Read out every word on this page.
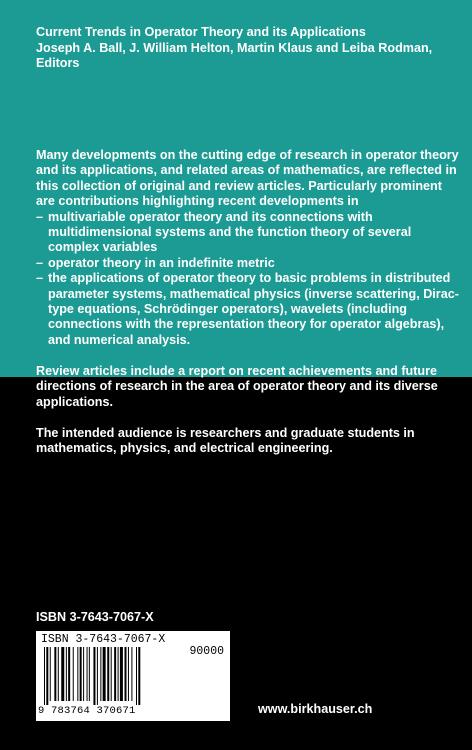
Current Trends in Operator Theory and its Applications
Joseph A. Ball, J. William Helton, Martin Klaus and Leiba Rodman,
Editors

Many developments on the cutting edge of research in operator theory and its applications, and related areas of mathematics, are reflected in this collection of original and review articles. Particularly prominent are contributions highlighting recent developments in

– multivariable operator theory and its connections with multidimensional systems and the function theory of several complex variables
– operator theory in an indefinite metric
– the applications of operator theory to basic problems in distributed parameter systems, mathematical physics (inverse scattering, Dirac-type equations, Schrödinger operators), wavelets (including connections with the representation theory for operator algebras), and numerical analysis.

Review articles include a report on recent achievements and future directions of research in the area of operator theory and its diverse applications.

The intended audience is researchers and graduate students in mathematics, physics, and electrical engineering.

ISBN 3-7643-7067-X
ISBN 3-7643-7067-X
90000
9 783764 370671	www.birkhauser.ch
